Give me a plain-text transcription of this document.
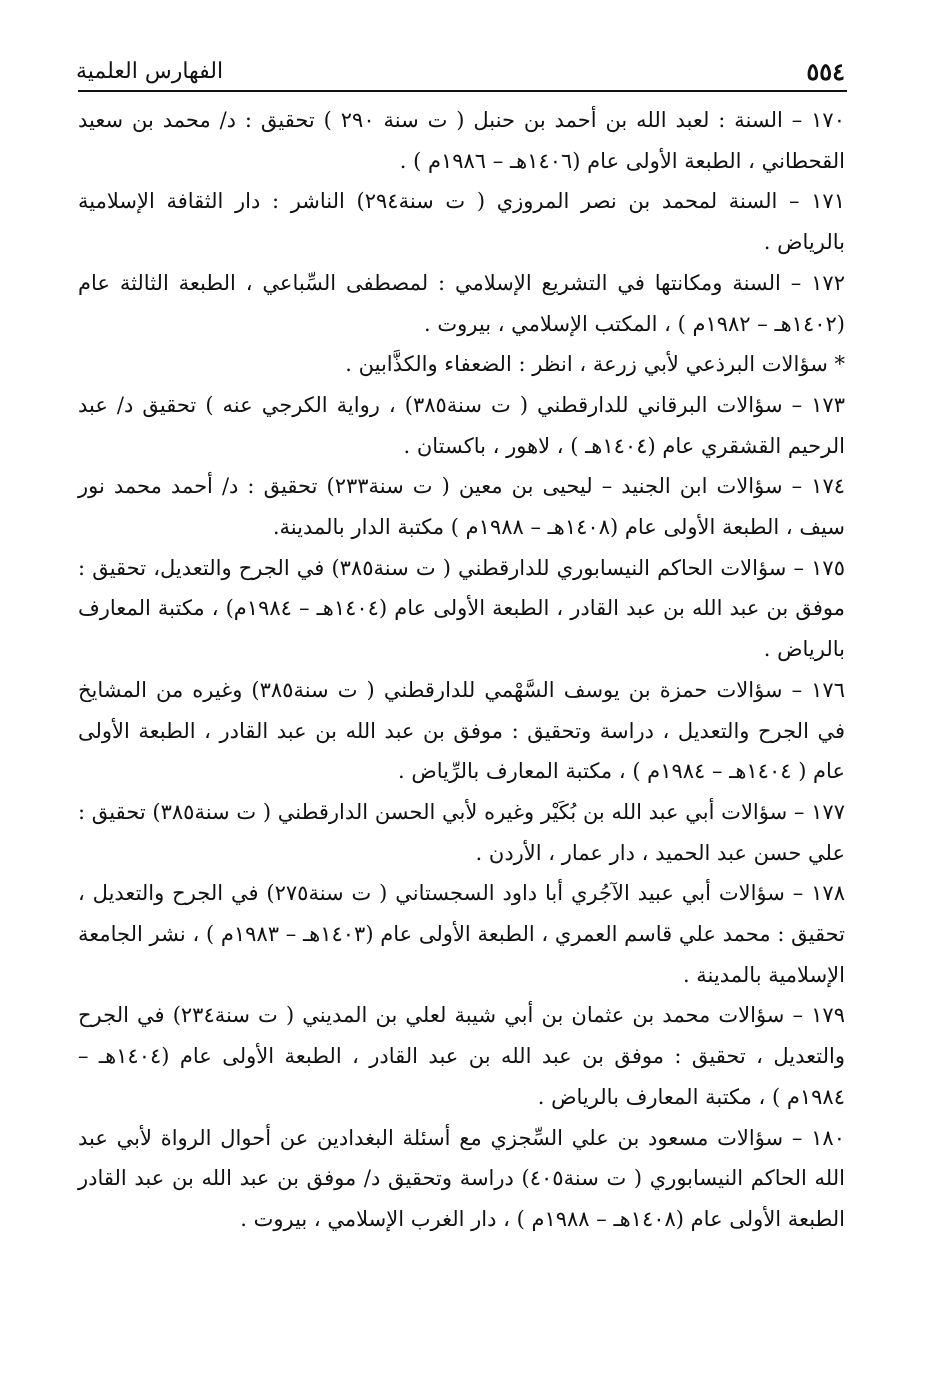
٥٥٤
الفهارس العلمية

١٧٠ – السنة : لعبد الله بن أحمد بن حنبل ( ت سنة ٢٩٠ ) تحقيق : د/ محمد بن سعيد القحطاني ، الطبعة الأولى عام (١٤٠٦هـ – ١٩٨٦م ) .

١٧١ – السنة لمحمد بن نصر المروزي ( ت سنة٢٩٤) الناشر : دار الثقافة الإسلامية بالرياض .

١٧٢ – السنة ومكانتها في التشريع الإسلامي : لمصطفى السِّباعي ، الطبعة الثالثة عام (١٤٠٢هـ – ١٩٨٢م ) ، المكتب الإسلامي ، بيروت .

* سؤالات البرذعي لأبي زرعة ، انظر : الضعفاء والكذَّابين .

١٧٣ – سؤالات البرقاني للدارقطني ( ت سنة٣٨٥) ، رواية الكرجي عنه ) تحقيق د/ عبد الرحيم القشقري عام (١٤٠٤هـ ) ، لاهور ، باكستان .

١٧٤ – سؤالات ابن الجنيد – ليحيى بن معين ( ت سنة٢٣٣) تحقيق : د/ أحمد محمد نور سيف ، الطبعة الأولى عام (١٤٠٨هـ – ١٩٨٨م ) مكتبة الدار بالمدينة.

١٧٥ – سؤالات الحاكم النيسابوري للدارقطني ( ت سنة٣٨٥) في الجرح والتعديل، تحقيق : موفق بن عبد الله بن عبد القادر ، الطبعة الأولى عام (١٤٠٤هـ – ١٩٨٤م) ، مكتبة المعارف بالرياض .

١٧٦ – سؤالات حمزة بن يوسف السَّهْمي للدارقطني ( ت سنة٣٨٥) وغيره من المشايخ في الجرح والتعديل ، دراسة وتحقيق : موفق بن عبد الله بن عبد القادر ، الطبعة الأولى عام ( ١٤٠٤هـ – ١٩٨٤م ) ، مكتبة المعارف بالرِّياض .

١٧٧ – سؤالات أبي عبد الله بن بُكَيْر وغيره لأبي الحسن الدارقطني ( ت سنة٣٨٥) تحقيق : علي حسن عبد الحميد ، دار عمار ، الأردن .

١٧٨ – سؤالات أبي عبيد الآجُري أبا داود السجستاني ( ت سنة٢٧٥) في الجرح والتعديل ، تحقيق : محمد علي قاسم العمري ، الطبعة الأولى عام (١٤٠٣هـ – ١٩٨٣م ) ، نشر الجامعة الإسلامية بالمدينة .

١٧٩ – سؤالات محمد بن عثمان بن أبي شيبة لعلي بن المديني ( ت سنة٢٣٤) في الجرح والتعديل ، تحقيق : موفق بن عبد الله بن عبد القادر ، الطبعة الأولى عام (١٤٠٤هـ – ١٩٨٤م ) ، مكتبة المعارف بالرياض .

١٨٠ – سؤالات مسعود بن علي السِّجزي مع أسئلة البغدادين عن أحوال الرواة لأبي عبد الله الحاكم النيسابوري ( ت سنة٤٠٥) دراسة وتحقيق د/ موفق بن عبد الله بن عبد القادر الطبعة الأولى عام (١٤٠٨هـ – ١٩٨٨م ) ، دار الغرب الإسلامي ، بيروت .
